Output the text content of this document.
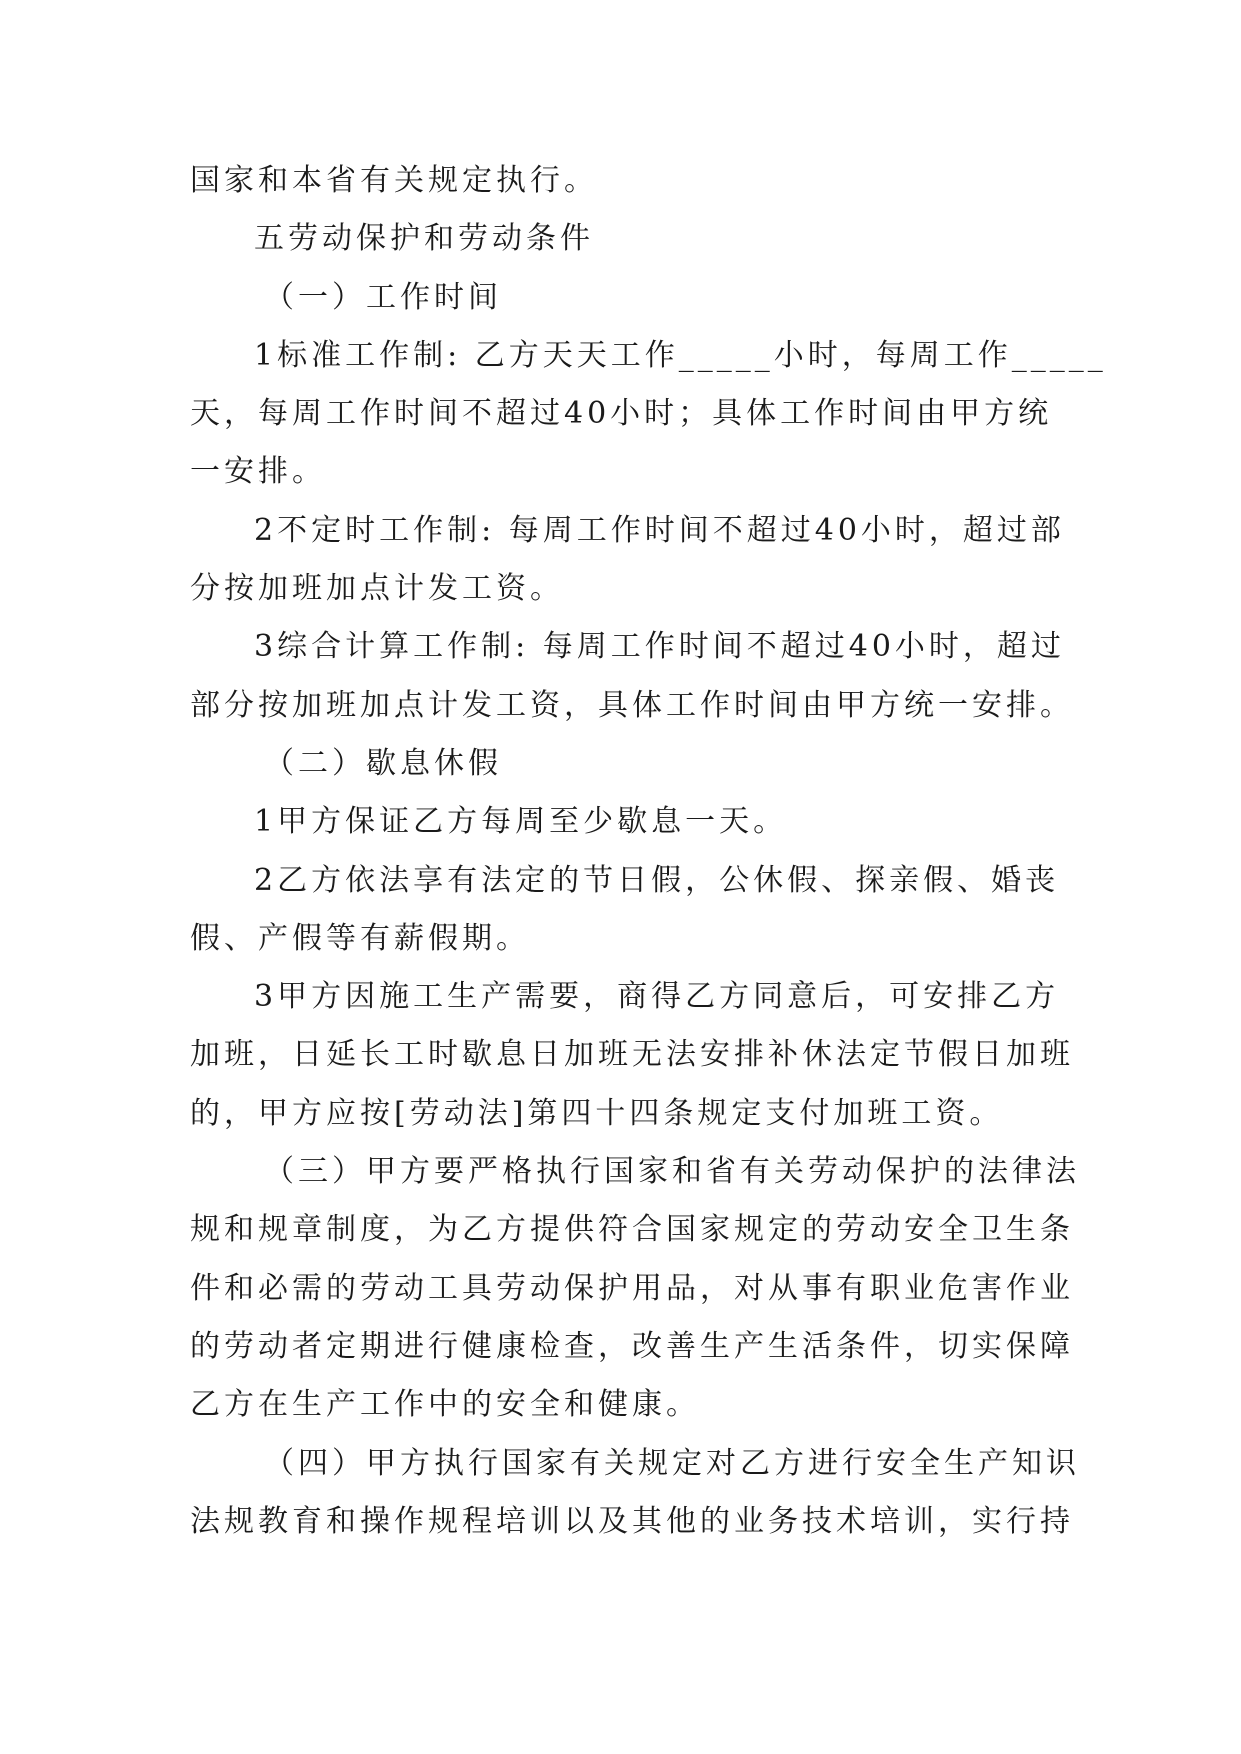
国家和本省有关规定执行。
五劳动保护和劳动条件
（一）工作时间
1标准工作制: 乙方天天工作_____小时，每周工作_____
天，每周工作时间不超过40小时；具体工作时间由甲方统
一安排。
2不定时工作制: 每周工作时间不超过40小时，超过部
分按加班加点计发工资。
3综合计算工作制: 每周工作时间不超过40小时，超过
部分按加班加点计发工资，具体工作时间由甲方统一安排。
（二）歇息休假
1甲方保证乙方每周至少歇息一天。
2乙方依法享有法定的节日假，公休假、探亲假、婚丧
假、产假等有薪假期。
3甲方因施工生产需要，商得乙方同意后，可安排乙方
加班，日延长工时歇息日加班无法安排补休法定节假日加班
的，甲方应按[劳动法]第四十四条规定支付加班工资。
（三）甲方要严格执行国家和省有关劳动保护的法律法
规和规章制度，为乙方提供符合国家规定的劳动安全卫生条
件和必需的劳动工具劳动保护用品，对从事有职业危害作业
的劳动者定期进行健康检查，改善生产生活条件，切实保障
乙方在生产工作中的安全和健康。
（四）甲方执行国家有关规定对乙方进行安全生产知识
法规教育和操作规程培训以及其他的业务技术培训，实行持
